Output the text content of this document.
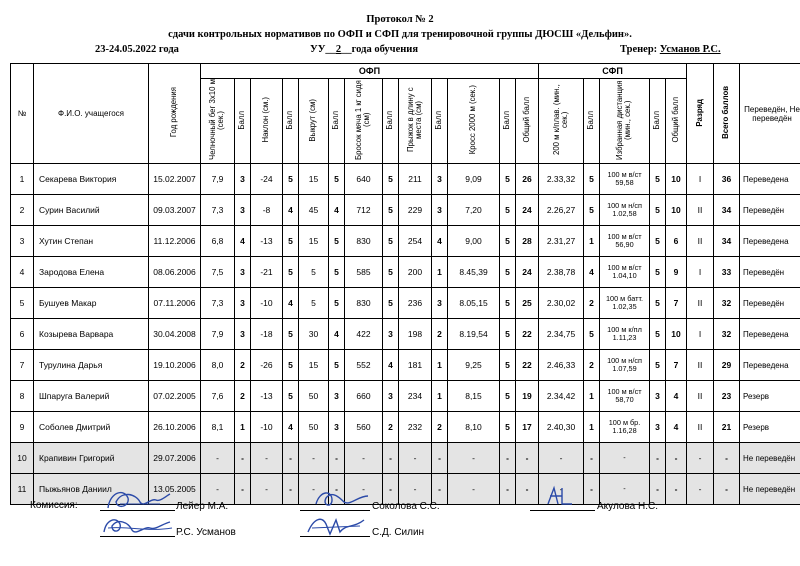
Протокол № 2
сдачи контрольных нормативов по ОФП и СФП для тренировочной группы ДЮСШ «Дельфин».
23-24.05.2022 года	УУ__2__года обучения	Тренер: Усманов Р.С.
№	Ф.И.О. учащегося	Год рождения	ОФП													СФП					Разряд	Всего баллов	Переведён, Не переведён
			Челночный бег 3х10 м (сек.)	Балл	Наклон (см.)	Балл	Выкрут (см)	Балл	Бросок мяча 1 кг сидя (см)	Балл	Прыжок в длину с места (см)	Балл	Кросс 2000 м (сек.)	Балл	Общий балл	200 м к/плав. (мин., сек.)	Балл	Избранная дистанция (мин., сек.)	Балл	Общий балл			
1	Секарева Виктория	15.02.2007	7,9	3	-24	5	15	5	640	5	211	3	9,09	5	26	2.33,32	5	100 м в/ст 59,58	5	10	I	36	Переведена
2	Сурин Василий	09.03.2007	7,3	3	-8	4	45	4	712	5	229	3	7,20	5	24	2.26,27	5	100 м н/сп 1.02,58	5	10	II	34	Переведён
3	Хутин Степан	11.12.2006	6,8	4	-13	5	15	5	830	5	254	4	9,00	5	28	2.31,27	1	100 м в/ст 56,90	5	6	II	34	Переведена
4	Зародова Елена	08.06.2006	7,5	3	-21	5	5	5	585	5	200	1	8.45,39	5	24	2.38,78	4	100 м в/ст 1.04,10	5	9	I	33	Переведён
5	Бушуев Макар	07.11.2006	7,3	3	-10	4	5	5	830	5	236	3	8.05,15	5	25	2.30,02	2	100 м батт. 1.02,35	5	7	II	32	Переведён
6	Козырева Варвара	30.04.2008	7,9	3	-18	5	30	4	422	3	198	2	8.19,54	5	22	2.34,75	5	100 м к/пл 1.11,23	5	10	I	32	Переведена
7	Турулина Дарья	19.10.2006	8,0	2	-26	5	15	5	552	4	181	1	9,25	5	22	2.46,33	2	100 м н/сп 1.07,59	5	7	II	29	Переведена
8	Шпаруга Валерий	07.02.2005	7,6	2	-13	5	50	3	660	3	234	1	8,15	5	19	2.34,42	1	100 м в/ст 58,70	3	4	II	23	Резерв
9	Соболев Дмитрий	26.10.2006	8,1	1	-10	4	50	3	560	2	232	2	8,10	5	17	2.40,30	1	100 м бр. 1.16,28	3	4	II	21	Резерв
10	Крапивин Григорий	29.07.2006	-	-	-	-	-	-	-	-	-	-	-	-	-	-	-	-	-	-	-	-	Не переведён
11	Пыжьянов Даниил	13.05.2005	-	-	-	-	-	-	-	-	-	-	-	-	-	-	-	-	-	-	-	-	Не переведён
Комиссия:	Лейер М.А.
Р.С. Усманов
Соколова С.С.
С.Д. Силин
Акулова Н.С.
